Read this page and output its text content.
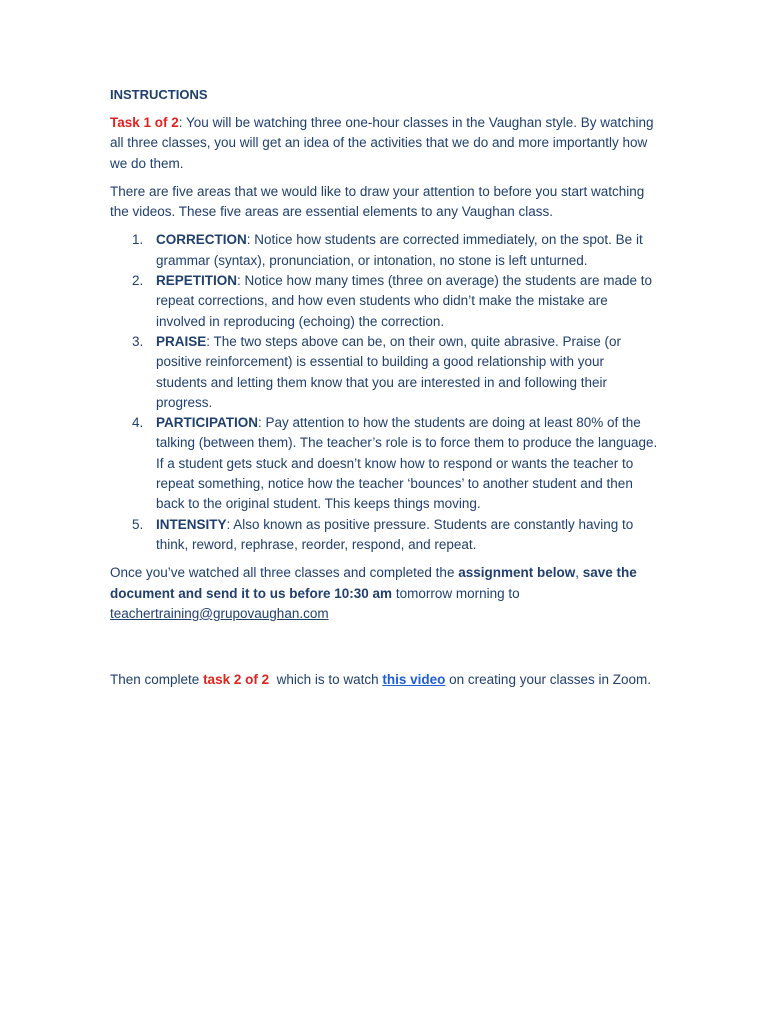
INSTRUCTIONS

Task 1 of 2: You will be watching three one-hour classes in the Vaughan style. By watching all three classes, you will get an idea of the activities that we do and more importantly how we do them.

There are five areas that we would like to draw your attention to before you start watching the videos. These five areas are essential elements to any Vaughan class.

1. CORRECTION: Notice how students are corrected immediately, on the spot. Be it grammar (syntax), pronunciation, or intonation, no stone is left unturned.
2. REPETITION: Notice how many times (three on average) the students are made to repeat corrections, and how even students who didn’t make the mistake are involved in reproducing (echoing) the correction.
3. PRAISE: The two steps above can be, on their own, quite abrasive. Praise (or positive reinforcement) is essential to building a good relationship with your students and letting them know that you are interested in and following their progress.
4. PARTICIPATION: Pay attention to how the students are doing at least 80% of the talking (between them). The teacher’s role is to force them to produce the language. If a student gets stuck and doesn’t know how to respond or wants the teacher to repeat something, notice how the teacher ‘bounces’ to another student and then back to the original student. This keeps things moving.
5. INTENSITY: Also known as positive pressure. Students are constantly having to think, reword, rephrase, reorder, respond, and repeat.

Once you’ve watched all three classes and completed the assignment below, save the document and send it to us before 10:30 am tomorrow morning to teachertraining@grupovaughan.com

Then complete task 2 of 2  which is to watch this video on creating your classes in Zoom.
